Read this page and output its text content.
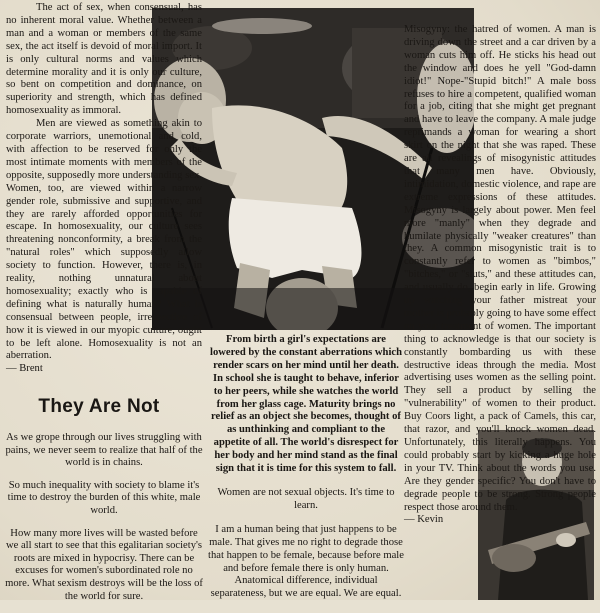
The act of sex, when consensual, has no inherent moral value. Whether between a man and a woman or members of the same sex, the act itself is devoid of moral import. It is only cultural norms and values which determine morality and it is only our culture, so bent on competition and dominance, on superiority and strength, which has defined homosexuality as immoral.

Men are viewed as something akin to corporate warriors, unemotional and cold, with affection to be reserved for only the most intimate moments with members of the opposite, supposedly more understanding sex. Women, too, are viewed within a narrow gender role, submissive and supportive, and they are rarely afforded opportunities for escape. In homosexuality, our culture sees threatening nonconformity, a break from the "natural roles" which supposedly allow society to function. However, there is, in reality, nothing unnatural about homosexuality; exactly who is capable of defining what is naturally human? What is consensual between people, irrespective of how it is viewed in our myopic culture, ought to be left alone. Homosexuality is not an aberration.

— Brent

Misogyny: the hatred of women. A man is driving down the street and a car driven by a woman cuts him off. He sticks his head out the window and does he yell "God-damn idiot!" Nope-"Stupid bitch!" A male boss refuses to hire a competent, qualified woman for a job, citing that she might get pregnant and have to leave the company. A male judge reprimands a woman for wearing a short skirt on the night that she was raped. These are all revealings of misogynistic attitudes that many men have. Obviously, intimidation, domestic violence, and rape are extreme expressions of these attitudes. Misogyny is largely about power. Men feel more "manly" when they degrade and humilate physically "weaker creatures" than they. A common misogynistic trait is to constantly refer to women as "bimbos," "bitches," or "sluts," and these attitudes can, and usually do, begin early in life. Growing up watching your father mistreat your mother is probably going to have some effect on your treatment of women. The important thing to acknowledge is that our society is constantly bombarding us with these destructive ideas through the media. Most advertising uses women as the selling point. They sell a product by selling the "vulnerability" of women to their product. Buy Coors light, a pack of Camels, this car, that razor, and you'll knock women dead. Unfortunately, this literally happens. You could probably start by kicking a huge hole in your TV. Think about the words you use. Are they gender specific? You don't have to degrade people to be strong. Strong people respect those around them.

— Kevin

From birth a girl's expectations are lowered by the constant aberrations which render scars on her mind until her death. In school she is taught to behave, inferior to her peers, while she watches the world from her glass cage. Maturity brings no relief as an object she becomes, thought of as unthinking and compliant to the appetite of all. The world's disrespect for her body and her mind stand as the final sign that it is time for this system to fall.

Women are not sexual objects. It's time to learn.

I am a human being that just happens to be male. That gives me no right to degrade those that happen to be female, because before male and before female there is only human. Anatomical difference, individual separateness, but we are equal. We are equal.

They Are Not

As we grope through our lives struggling with pains, we never seem to realize that half of the world is in chains.

So much inequality with society to blame it's time to destroy the burden of this white, male world.

How many more lives will be wasted before we all start to see that this egalitarian society's roots are mixed in hypocrisy. There can be excuses for women's subordinated role no more. What sexism destroys will be the loss of the world for sure.
